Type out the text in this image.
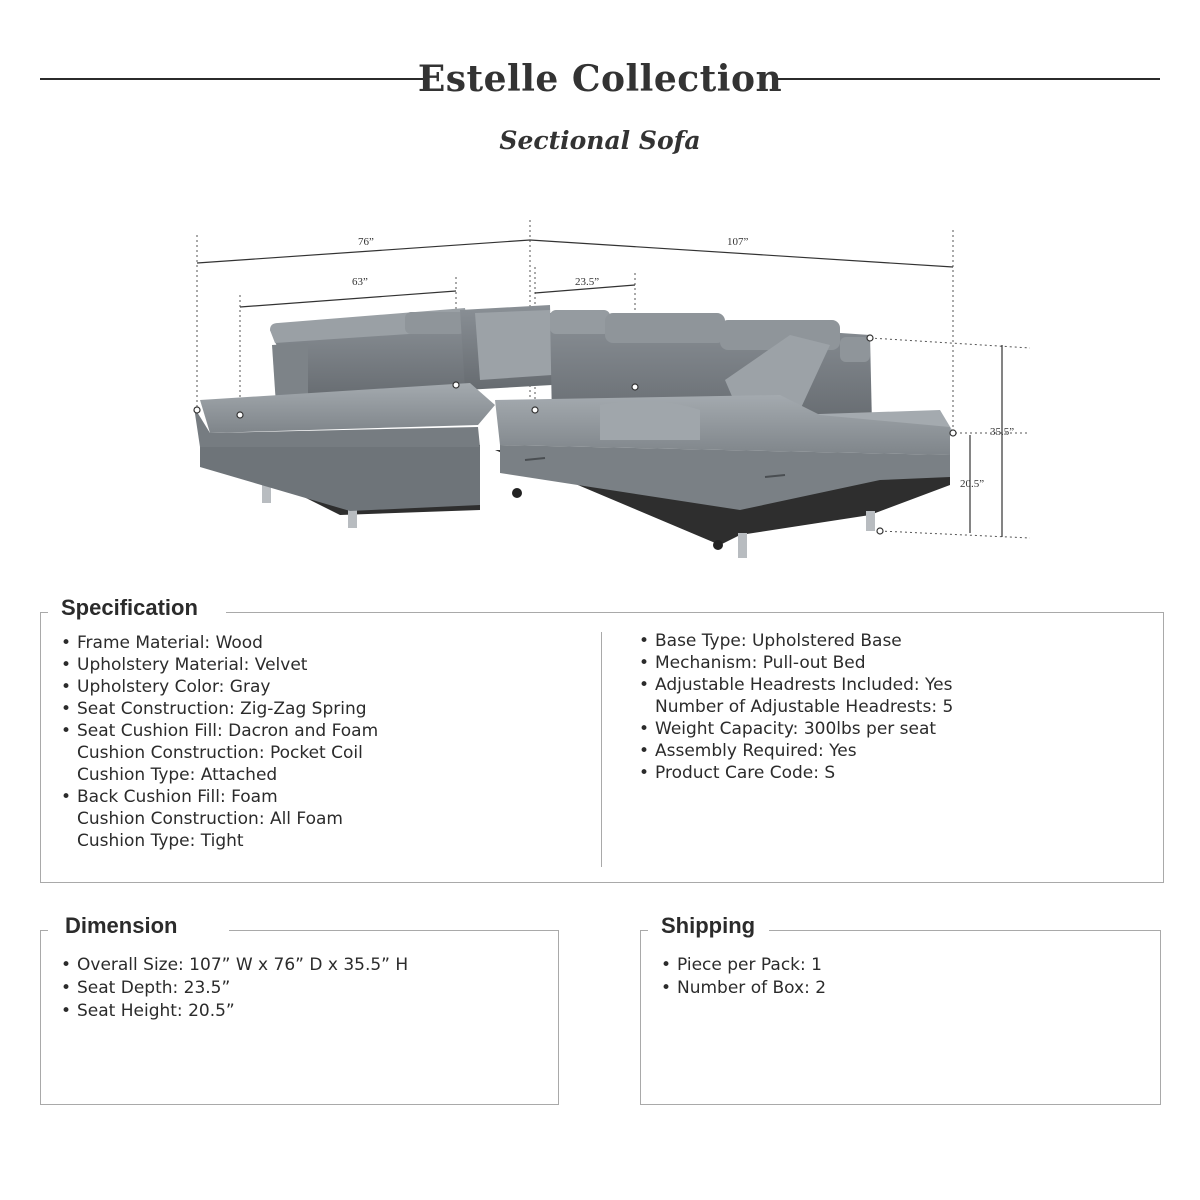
Estelle Collection
Sectional Sofa
76”
63”
107”
23.5”
35.5”
20.5”
Specification
• Frame Material: Wood
• Upholstery Material: Velvet
• Upholstery Color: Gray
• Seat Construction: Zig-Zag Spring
• Seat Cushion Fill: Dacron and Foam
Cushion Construction: Pocket Coil
Cushion Type: Attached
• Back Cushion Fill: Foam
Cushion Construction: All Foam
Cushion Type: Tight
• Base Type: Upholstered Base
• Mechanism: Pull-out Bed
• Adjustable Headrests Included: Yes
Number of Adjustable Headrests: 5
• Weight Capacity: 300lbs per seat
• Assembly Required: Yes
• Product Care Code: S
Dimension
• Overall Size: 107” W x 76” D x 35.5” H
• Seat Depth: 23.5”
• Seat Height: 20.5”
Shipping
• Piece per Pack: 1
• Number of Box: 2
